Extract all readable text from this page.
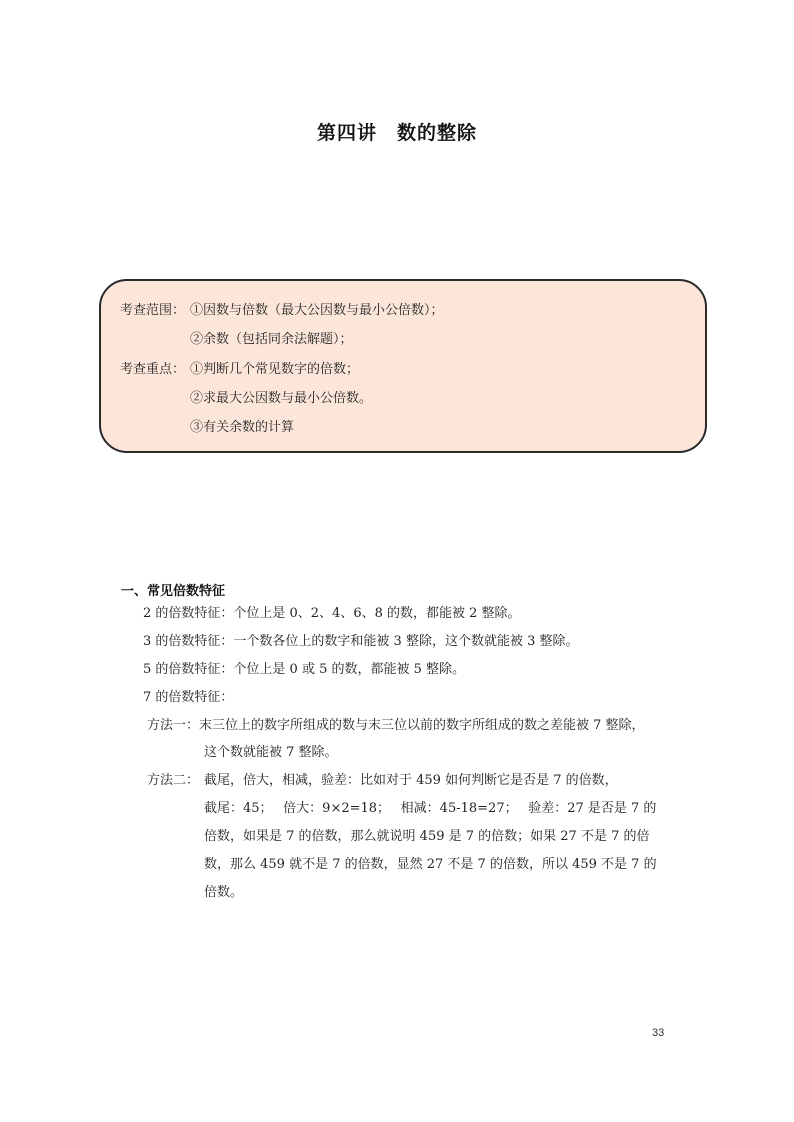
第四讲　数的整除
考查范围： ①因数与倍数（最大公因数与最小公倍数）；
②余数（包括同余法解题）；
考查重点： ①判断几个常见数字的倍数；
②求最大公因数与最小公倍数。
③有关余数的计算
一、常见倍数特征
2 的倍数特征：个位上是 0、2、4、6、8 的数，都能被 2 整除。
3 的倍数特征：一个数各位上的数字和能被 3 整除，这个数就能被 3 整除。
5 的倍数特征：个位上是 0 或 5 的数，都能被 5 整除。
7 的倍数特征：
方法一： 末三位上的数字所组成的数与末三位以前的数字所组成的数之差能被 7 整除，
这个数就能被 7 整除。
方法二： 截尾，倍大，相减，验差：比如对于 459 如何判断它是否是 7 的倍数，
截尾：45；　 倍大：9×2=18；　 相减：45-18=27；　 验差：27 是否是 7 的
倍数，如果是 7 的倍数，那么就说明 459 是 7 的倍数；如果 27 不是 7 的倍
数，那么 459 就不是 7 的倍数，显然 27 不是 7 的倍数，所以 459 不是 7 的
倍数。
33
